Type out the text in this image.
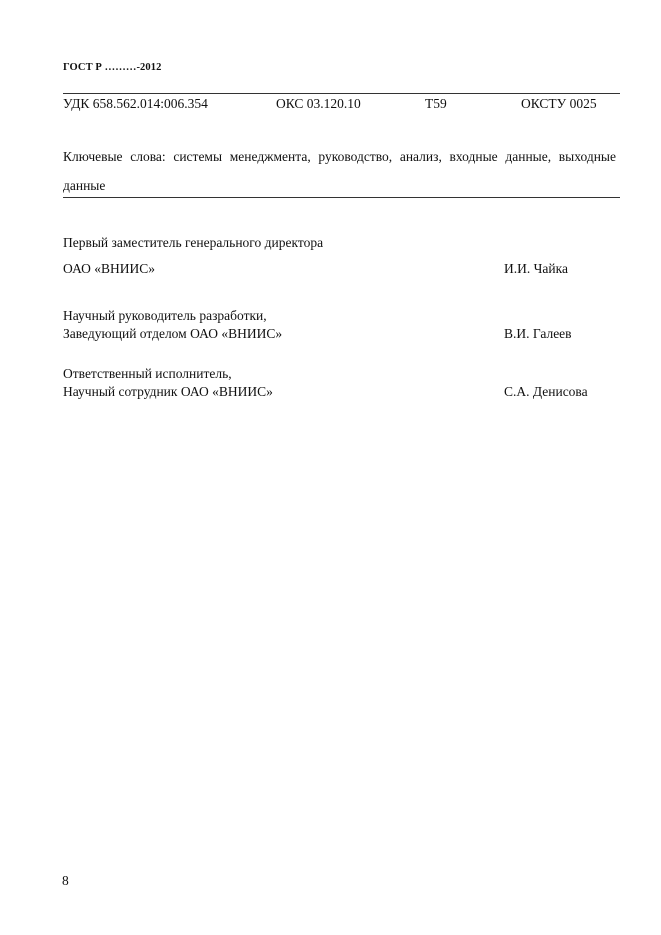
ГОСТ Р ………-2012
УДК 658.562.014:006.354	ОКС 03.120.10	Т59	ОКСТУ 0025
Ключевые слова: системы менеджмента, руководство, анализ, входные данные, выходные данные
Первый заместитель генерального директора
ОАО «ВНИИС»	И.И. Чайка
Научный руководитель разработки,
Заведующий отделом ОАО «ВНИИС»	В.И. Галеев
Ответственный исполнитель,
Научный сотрудник ОАО «ВНИИС»	С.А. Денисова
8
